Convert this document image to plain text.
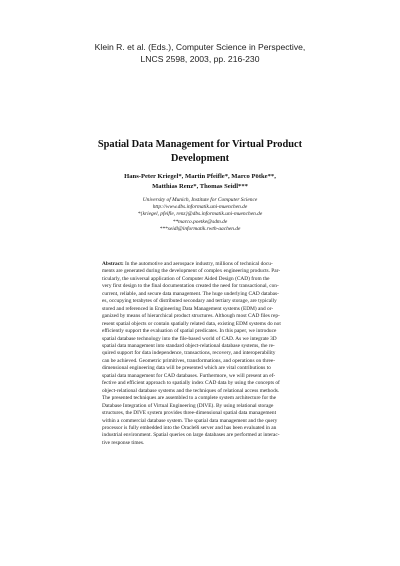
Klein R. et al. (Eds.), Computer Science in Perspective,
LNCS 2598, 2003, pp. 216-230
Spatial Data Management for Virtual Product
Development
Hans-Peter Kriegel*, Martin Pfeifle*, Marco Pötke**,
Matthias Renz*, Thomas Seidl***
University of Munich, Institute for Computer Science
http://www.dbs.informatik.uni-muenchen.de
*{kriegel, pfeifle, renz}@dbs.informatik.uni-muenchen.de
**marco.poetke@sdm.de
***seidl@informatik.rwth-aachen.de
Abstract: In the automotive and aerospace industry, millions of technical docu-
ments are generated during the development of complex engineering products. Par-
ticularly, the universal application of Computer Aided Design (CAD) from the
very first design to the final documentation created the need for transactional, con-
current, reliable, and secure data management. The huge underlying CAD databas-
es, occupying terabytes of distributed secondary and tertiary storage, are typically
stored and referenced in Engineering Data Management systems (EDM) and or-
ganized by means of hierarchical product structures. Although most CAD files rep-
resent spatial objects or contain spatially related data, existing EDM systems do not
efficiently support the evaluation of spatial predicates. In this paper, we introduce
spatial database technology into the file-based world of CAD. As we integrate 3D
spatial data management into standard object-relational database systems, the re-
quired support for data independence, transactions, recovery, and interoperability
can be achieved. Geometric primitives, transformations, and operations on three-
dimensional engineering data will be presented which are vital contributions to
spatial data management for CAD databases. Furthermore, we will present an ef-
fective and efficient approach to spatially index CAD data by using the concepts of
object-relational database systems and the techniques of relational access methods.
The presented techniques are assembled to a complete system architecture for the
Database Integration of Virtual Engineering (DIVE). By using relational storage
structures, the DIVE system provides three-dimensional spatial data management
within a commercial database system. The spatial data management and the query
processor is fully embedded into the Oracle8i server and has been evaluated in an
industrial environment. Spatial queries on large databases are performed at interac-
tive response times.
